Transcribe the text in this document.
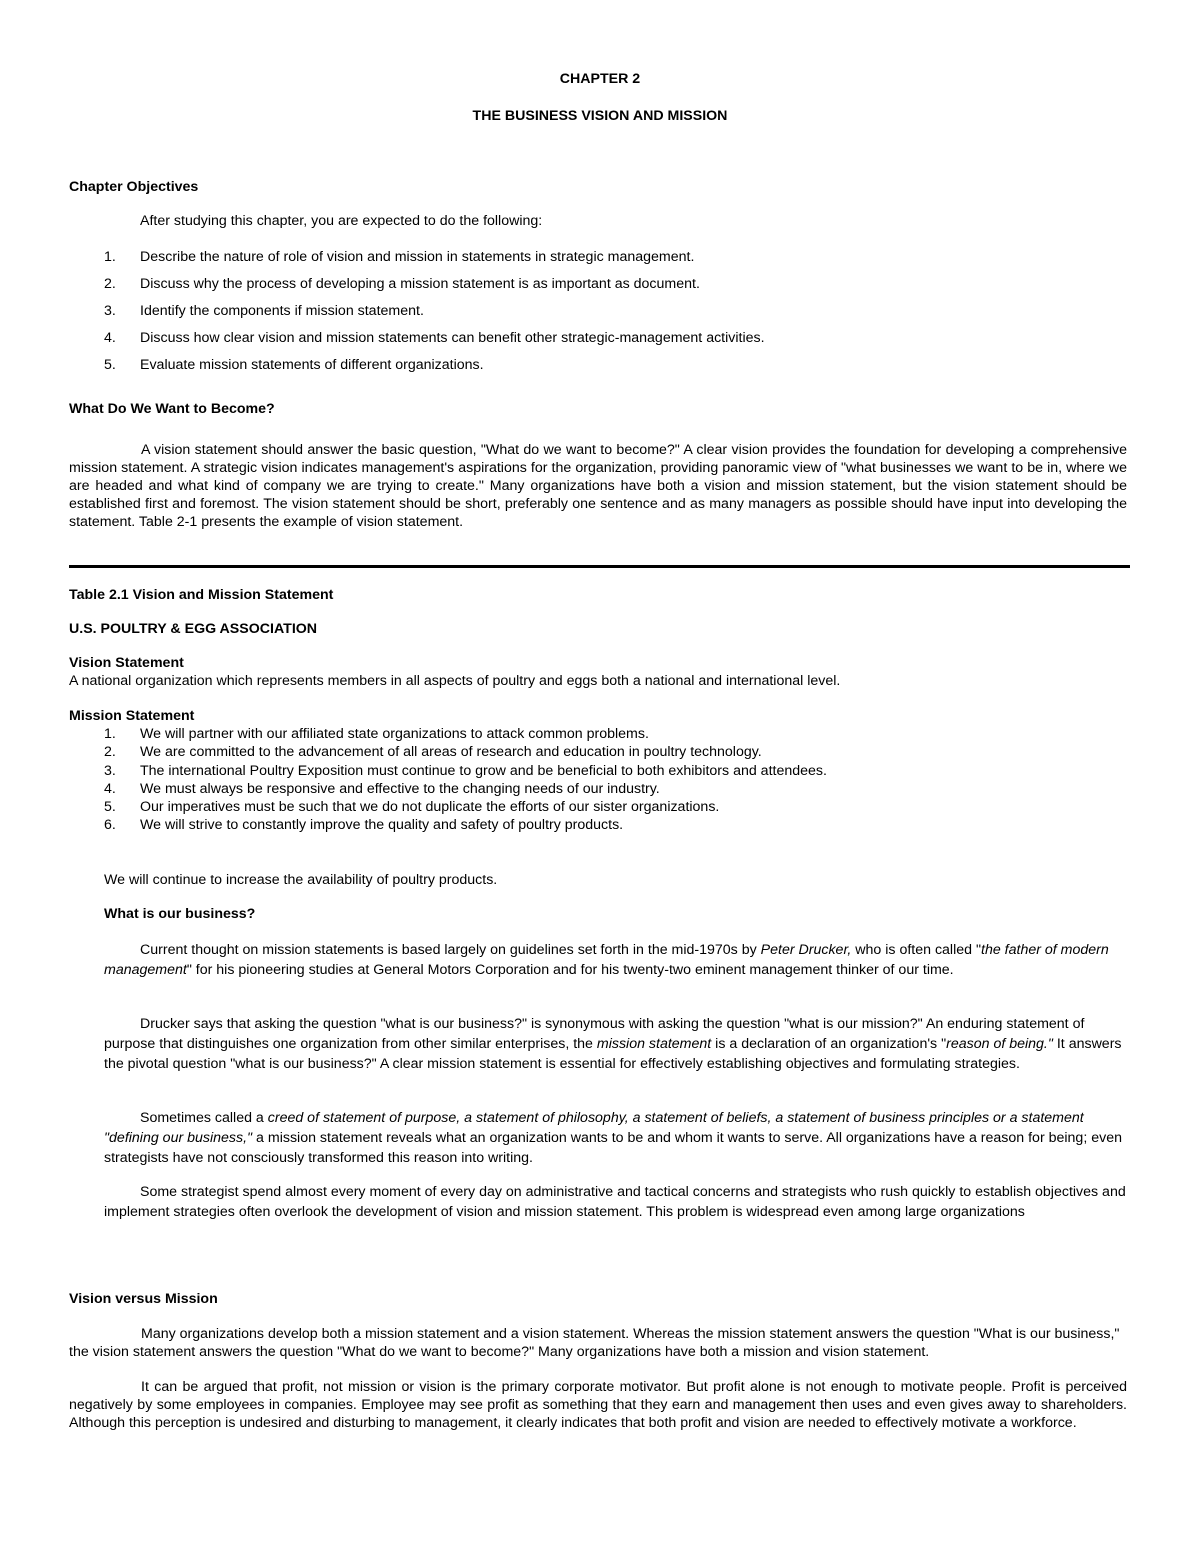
CHAPTER 2
THE BUSINESS VISION AND MISSION
Chapter Objectives
After studying this chapter, you are expected to do the following:
1. Describe the nature of role of vision and mission in statements in strategic management.
2. Discuss why the process of developing a mission statement is as important as document.
3. Identify the components if mission statement.
4. Discuss how clear vision and mission statements can benefit other strategic-management activities.
5. Evaluate mission statements of different organizations.
What Do We Want to Become?

A vision statement should answer the basic question, "What do we want to become?" A clear vision provides the foundation for developing a comprehensive mission statement. A strategic vision indicates management's aspirations for the organization, providing panoramic view of "what businesses we want to be in, where we are headed and what kind of company we are trying to create." Many organizations have both a vision and mission statement, but the vision statement should be established first and foremost. The vision statement should be short, preferably one sentence and as many managers as possible should have input into developing the statement. Table 2-1 presents the example of vision statement.

Table 2.1 Vision and Mission Statement
U.S. POULTRY & EGG ASSOCIATION
Vision Statement
A national organization which represents members in all aspects of poultry and eggs both a national and international level.
Mission Statement
1. We will partner with our affiliated state organizations to attack common problems.
2. We are committed to the advancement of all areas of research and education in poultry technology.
3. The international Poultry Exposition must continue to grow and be beneficial to both exhibitors and attendees.
4. We must always be responsive and effective to the changing needs of our industry.
5. Our imperatives must be such that we do not duplicate the efforts of our sister organizations.
6. We will strive to constantly improve the quality and safety of poultry products.
We will continue to increase the availability of poultry products.
What is our business?

Current thought on mission statements is based largely on guidelines set forth in the mid-1970s by Peter Drucker, who is often called "the father of modern management" for his pioneering studies at General Motors Corporation and for his twenty-two eminent management thinker of our time.

Drucker says that asking the question "what is our business?" is synonymous with asking the question "what is our mission?" An enduring statement of purpose that distinguishes one organization from other similar enterprises, the mission statement is a declaration of an organization's "reason of being." It answers the pivotal question "what is our business?" A clear mission statement is essential for effectively establishing objectives and formulating strategies.

Sometimes called a creed of statement of purpose, a statement of philosophy, a statement of beliefs, a statement of business principles or a statement "defining our business," a mission statement reveals what an organization wants to be and whom it wants to serve. All organizations have a reason for being; even strategists have not consciously transformed this reason into writing.

Some strategist spend almost every moment of every day on administrative and tactical concerns and strategists who rush quickly to establish objectives and implement strategies often overlook the development of vision and mission statement. This problem is widespread even among large organizations

Vision versus Mission

Many organizations develop both a mission statement and a vision statement. Whereas the mission statement answers the question "What is our business," the vision statement answers the question "What do we want to become?" Many organizations have both a mission and vision statement.

It can be argued that profit, not mission or vision is the primary corporate motivator. But profit alone is not enough to motivate people. Profit is perceived negatively by some employees in companies. Employee may see profit as something that they earn and management then uses and even gives away to shareholders. Although this perception is undesired and disturbing to management, it clearly indicates that both profit and vision are needed to effectively motivate a workforce.
